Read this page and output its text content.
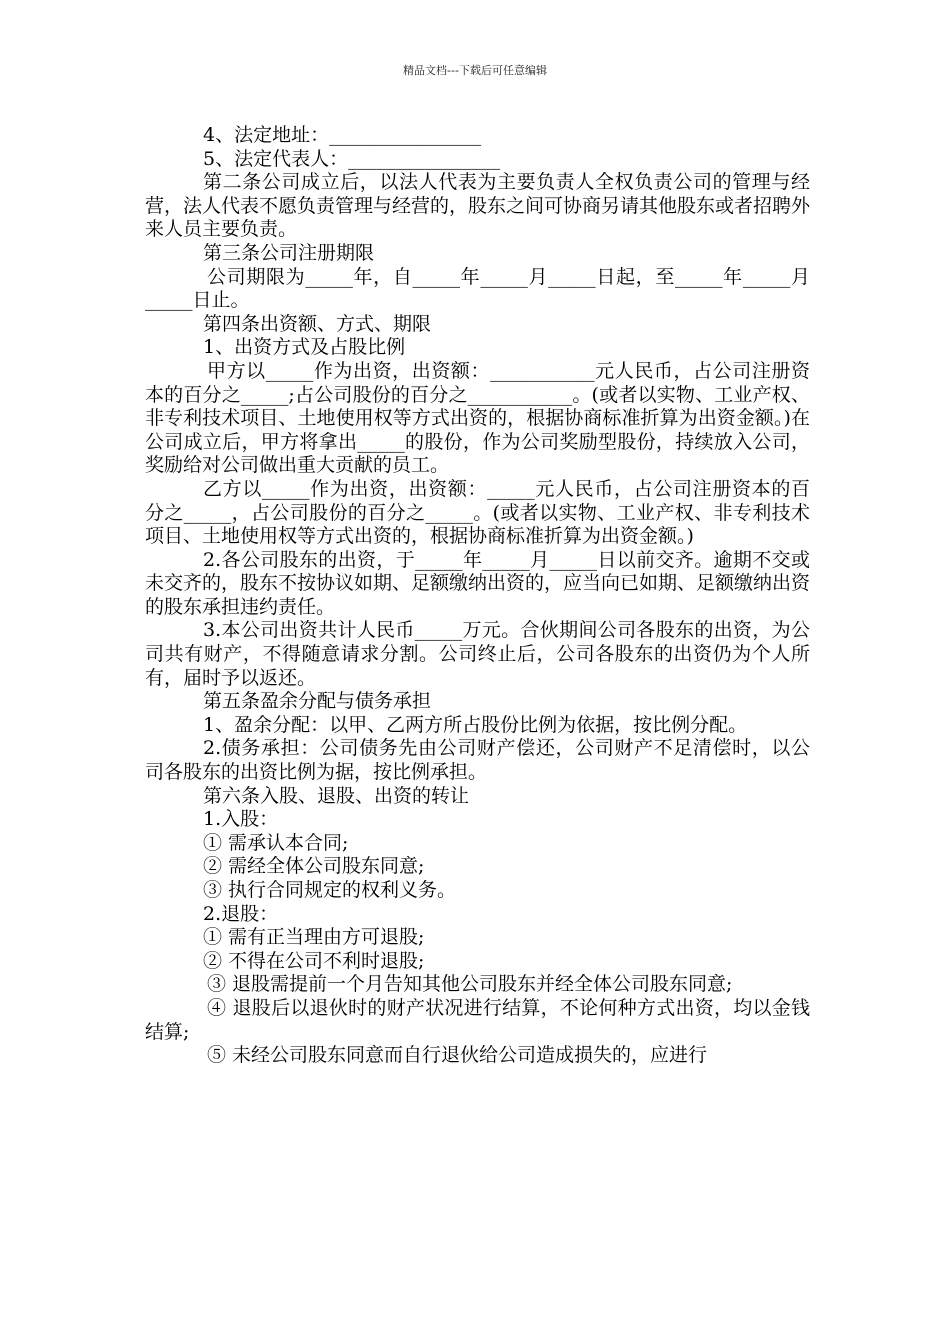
精品文档---下载后可任意编辑

4、法定地址：________________

5、法定代表人：________________

第二条公司成立后，以法人代表为主要负责人全权负责公司的管理与经营，法人代表不愿负责管理与经营的，股东之间可协商另请其他股东或者招聘外来人员主要负责。

第三条公司注册期限

公司期限为_____年，自_____年_____月_____日起，至_____年_____月_____日止。

第四条出资额、方式、期限

1、出资方式及占股比例

甲方以_____作为出资，出资额：___________元人民币，占公司注册资本的百分之_____;占公司股份的百分之___________。(或者以实物、工业产权、非专利技术项目、土地使用权等方式出资的，根据协商标准折算为出资金额。)在公司成立后，甲方将拿出_____的股份，作为公司奖励型股份，持续放入公司，奖励给对公司做出重大贡献的员工。

乙方以_____作为出资，出资额：_____元人民币，占公司注册资本的百分之_____，占公司股份的百分之_____。(或者以实物、工业产权、非专利技术项目、土地使用权等方式出资的，根据协商标准折算为出资金额。)

2.各公司股东的出资，于_____年_____月_____日以前交齐。逾期不交或未交齐的，股东不按协议如期、足额缴纳出资的，应当向已如期、足额缴纳出资的股东承担违约责任。

3.本公司出资共计人民币_____万元。合伙期间公司各股东的出资，为公司共有财产，不得随意请求分割。公司终止后，公司各股东的出资仍为个人所有，届时予以返还。

第五条盈余分配与债务承担

1、盈余分配：以甲、乙两方所占股份比例为依据，按比例分配。

2.债务承担：公司债务先由公司财产偿还，公司财产不足清偿时，以公司各股东的出资比例为据，按比例承担。

第六条入股、退股、出资的转让

1.入股：

① 需承认本合同;

② 需经全体公司股东同意;

③ 执行合同规定的权利义务。

2.退股：

① 需有正当理由方可退股;

② 不得在公司不利时退股;

③ 退股需提前一个月告知其他公司股东并经全体公司股东同意;

④ 退股后以退伙时的财产状况进行结算，不论何种方式出资，均以金钱结算;

⑤ 未经公司股东同意而自行退伙给公司造成损失的，应进行
